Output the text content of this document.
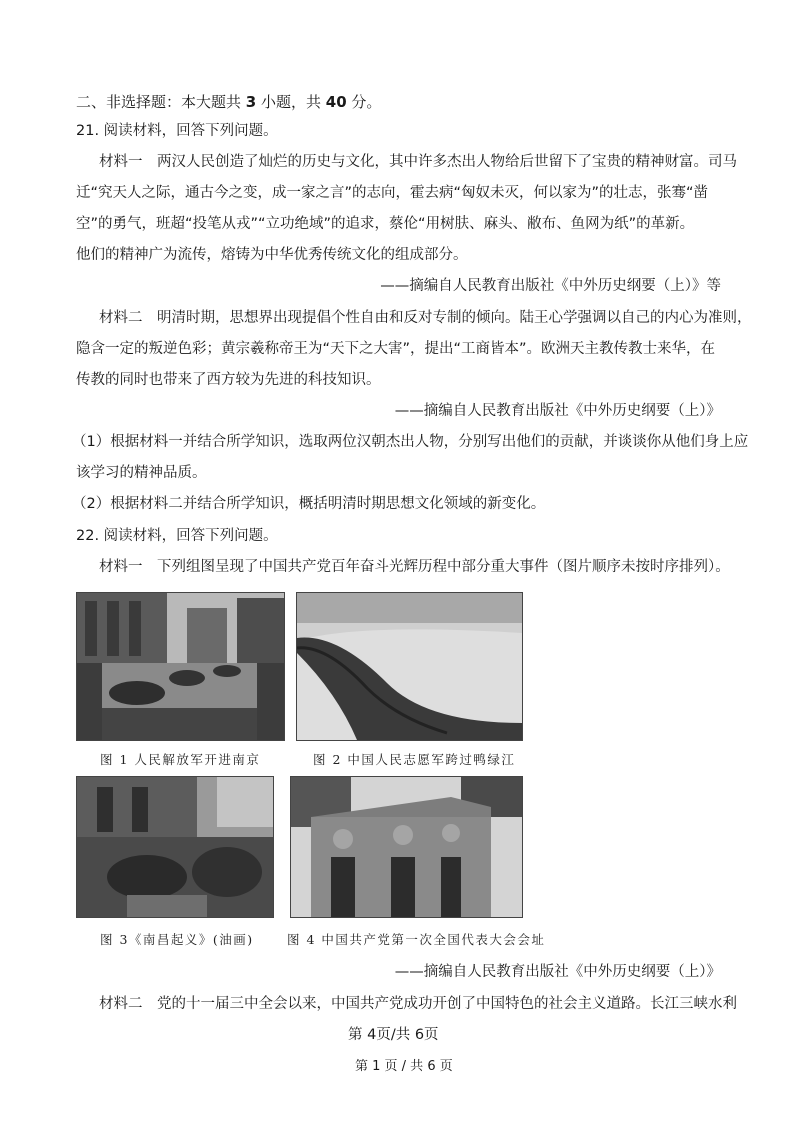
二、非选择题：本大题共 3 小题，共 40 分。
21. 阅读材料，回答下列问题。
材料一　两汉人民创造了灿烂的历史与文化，其中许多杰出人物给后世留下了宝贵的精神财富。司马
迁“究天人之际，通古今之变，成一家之言”的志向，霍去病“匈奴未灭，何以家为”的壮志，张骞“凿
空”的勇气，班超“投笔从戎”“立功绝域”的追求，蔡伦“用树肤、麻头、敝布、鱼网为纸”的革新。
他们的精神广为流传，熔铸为中华优秀传统文化的组成部分。
——摘编自人民教育出版社《中外历史纲要（上）》等
材料二　明清时期，思想界出现提倡个性自由和反对专制的倾向。陆王心学强调以自己的内心为准则，
隐含一定的叛逆色彩；黄宗羲称帝王为“天下之大害”，提出“工商皆本”。欧洲天主教传教士来华，在
传教的同时也带来了西方较为先进的科技知识。
——摘编自人民教育出版社《中外历史纲要（上）》
（1）根据材料一并结合所学知识，选取两位汉朝杰出人物，分别写出他们的贡献，并谈谈你从他们身上应
该学习的精神品质。
（2）根据材料二并结合所学知识，概括明清时期思想文化领域的新变化。
22. 阅读材料，回答下列问题。
材料一　下列组图呈现了中国共产党百年奋斗光辉历程中部分重大事件（图片顺序未按时序排列）。
图 1 人民解放军开进南京	图 2 中国人民志愿军跨过鸭绿江
图 3《南昌起义》(油画)	图 4 中国共产党第一次全国代表大会会址
——摘编自人民教育出版社《中外历史纲要（上）》
材料二　党的十一届三中全会以来，中国共产党成功开创了中国特色的社会主义道路。长江三峡水利
第 4页/共 6页
第 1 页 / 共 6 页
